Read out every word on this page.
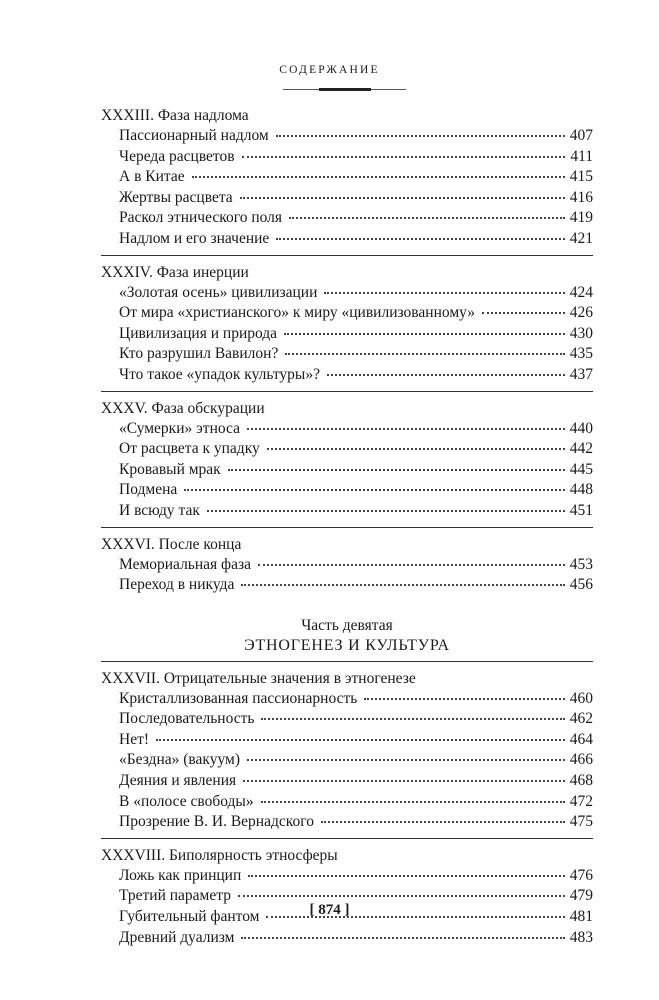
СОДЕРЖАНИЕ
XXXIII. Фаза надлома
Пассионарный надлом	407
Череда расцветов	411
А в Китае	415
Жертвы расцвета	416
Раскол этнического поля	419
Надлом и его значение	421
XXXIV. Фаза инерции
«Золотая осень» цивилизации	424
От мира «христианского» к миру «цивилизованному»	426
Цивилизация и природа	430
Кто разрушил Вавилон?	435
Что такое «упадок культуры»?	437
XXXV. Фаза обскурации
«Сумерки» этноса	440
От расцвета к упадку	442
Кровавый мрак	445
Подмена	448
И всюду так	451
XXXVI. После конца
Мемориальная фаза	453
Переход в никуда	456
Часть девятая
ЭТНОГЕНЕЗ И КУЛЬТУРА
XXXVII. Отрицательные значения в этногенезе
Кристаллизованная пассионарность	460
Последовательность	462
Нет!	464
«Бездна» (вакуум)	466
Деяния и явления	468
В «полосе свободы»	472
Прозрение В. И. Вернадского	475
XXXVIII. Биполярность этносферы
Ложь как принцип	476
Третий параметр	479
Губительный фантом	481
Древний дуализм	483
[ 874 ]
